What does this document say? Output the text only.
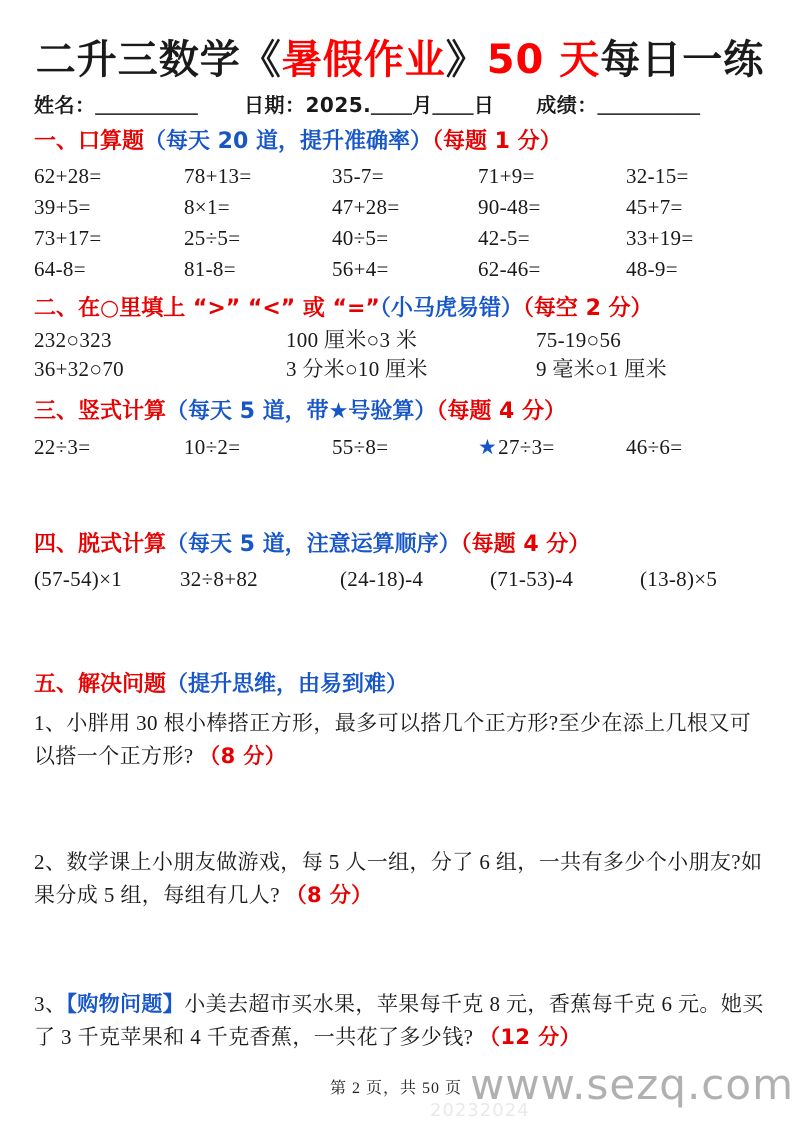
二升三数学《暑假作业》50 天每日一练
姓名： ＿＿＿＿＿ 日期：2025. ＿＿ 月 ＿＿ 日 成绩： ＿＿＿＿＿
一、口算题（每天 20 道，提升准确率）（每题 1 分）
62+28=	78+13=	35-7=	71+9=	32-15=
39+5=	8×1=	47+28=	90-48=	45+7=
73+17=	25÷5=	40÷5=	42-5=	33+19=
64-8=	81-8=	56+4=	62-46=	48-9=
二、在○里填上 “>” “<” 或 “=”（小马虎易错）（每空 2 分）
232○323	100 厘米○3 米	75-19○56
36+32○70	3 分米○10 厘米	9 毫米○1 厘米
三、竖式计算（每天 5 道，带★号验算）（每题 4 分）
22÷3=	10÷2=	55÷8=	★27÷3=	46÷6=
四、脱式计算（每天 5 道，注意运算顺序）（每题 4 分）
(57-54)×1	32÷8+82	(24-18)-4	(71-53)-4	(13-8)×5
五、解决问题（提升思维，由易到难）

1、小胖用 30 根小棒搭正方形，最多可以搭几个正方形?至少在添上几根又可以搭一个正方形? （8 分）

2、数学课上小朋友做游戏，每 5 人一组，分了 6 组，一共有多少个小朋友?如果分成 5 组，每组有几人? （8 分）

3、【购物问题】小美去超市买水果，苹果每千克 8 元，香蕉每千克 6 元。她买了 3 千克苹果和 4 千克香蕉，一共花了多少钱? （12 分）

第 2 页，共 50 页 www.sezq.com
20232024
